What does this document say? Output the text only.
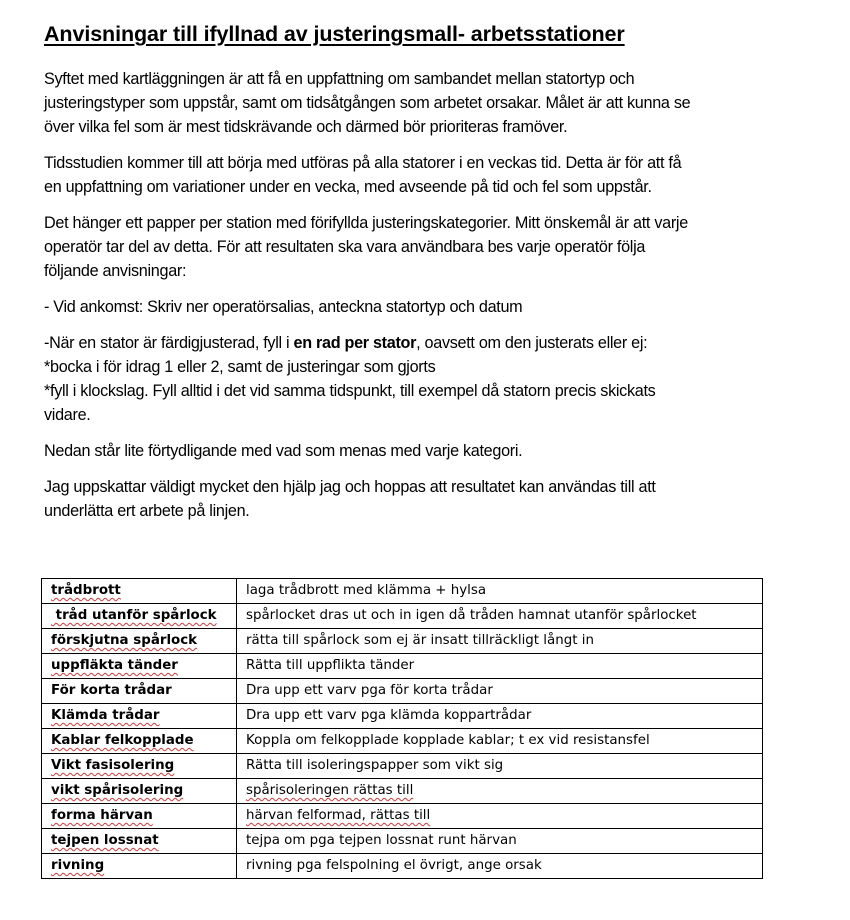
Anvisningar till ifyllnad av justeringsmall- arbetsstationer
Syftet med kartläggningen är att få en uppfattning om sambandet mellan statortyp och
justeringstyper som uppstår, samt om tidsåtgången som arbetet orsakar. Målet är att kunna se
över vilka fel som är mest tidskrävande och därmed bör prioriteras framöver.
Tidsstudien kommer till att börja med utföras på alla statorer i en veckas tid. Detta är för att få
en uppfattning om variationer under en vecka, med avseende på tid och fel som uppstår.
Det hänger ett papper per station med förifyllda justeringskategorier. Mitt önskemål är att varje
operatör tar del av detta. För att resultaten ska vara användbara bes varje operatör följa
följande anvisningar:
- Vid ankomst: Skriv ner operatörsalias, anteckna statortyp och datum
-När en stator är färdigjusterad, fyll i en rad per stator, oavsett om den justerats eller ej:
*bocka i för idrag 1 eller 2, samt de justeringar som gjorts
*fyll i klockslag. Fyll alltid i det vid samma tidspunkt, till exempel då statorn precis skickats
vidare.
Nedan står lite förtydligande med vad som menas med varje kategori.
Jag uppskattar väldigt mycket den hjälp jag och hoppas att resultatet kan användas till att
underlätta ert arbete på linjen.
trådbrott	laga trådbrott med klämma + hylsa
tråd utanför spårlock	spårlocket dras ut och in igen då tråden hamnat utanför spårlocket
förskjutna spårlock	rätta till spårlock som ej är insatt tillräckligt långt in
uppfläkta tänder	Rätta till uppflikta tänder
För korta trådar	Dra upp ett varv pga för korta trådar
Klämda trådar	Dra upp ett varv pga klämda koppartrådar
Kablar felkopplade	Koppla om felkopplade kopplade kablar; t ex vid resistansfel
Vikt fasisolering	Rätta till isoleringspapper som vikt sig
vikt spårisolering	spårisoleringen rättas till
forma härvan	härvan felformad, rättas till
tejpen lossnat	tejpa om pga tejpen lossnat runt härvan
rivning	rivning pga felspolning el övrigt, ange orsak
